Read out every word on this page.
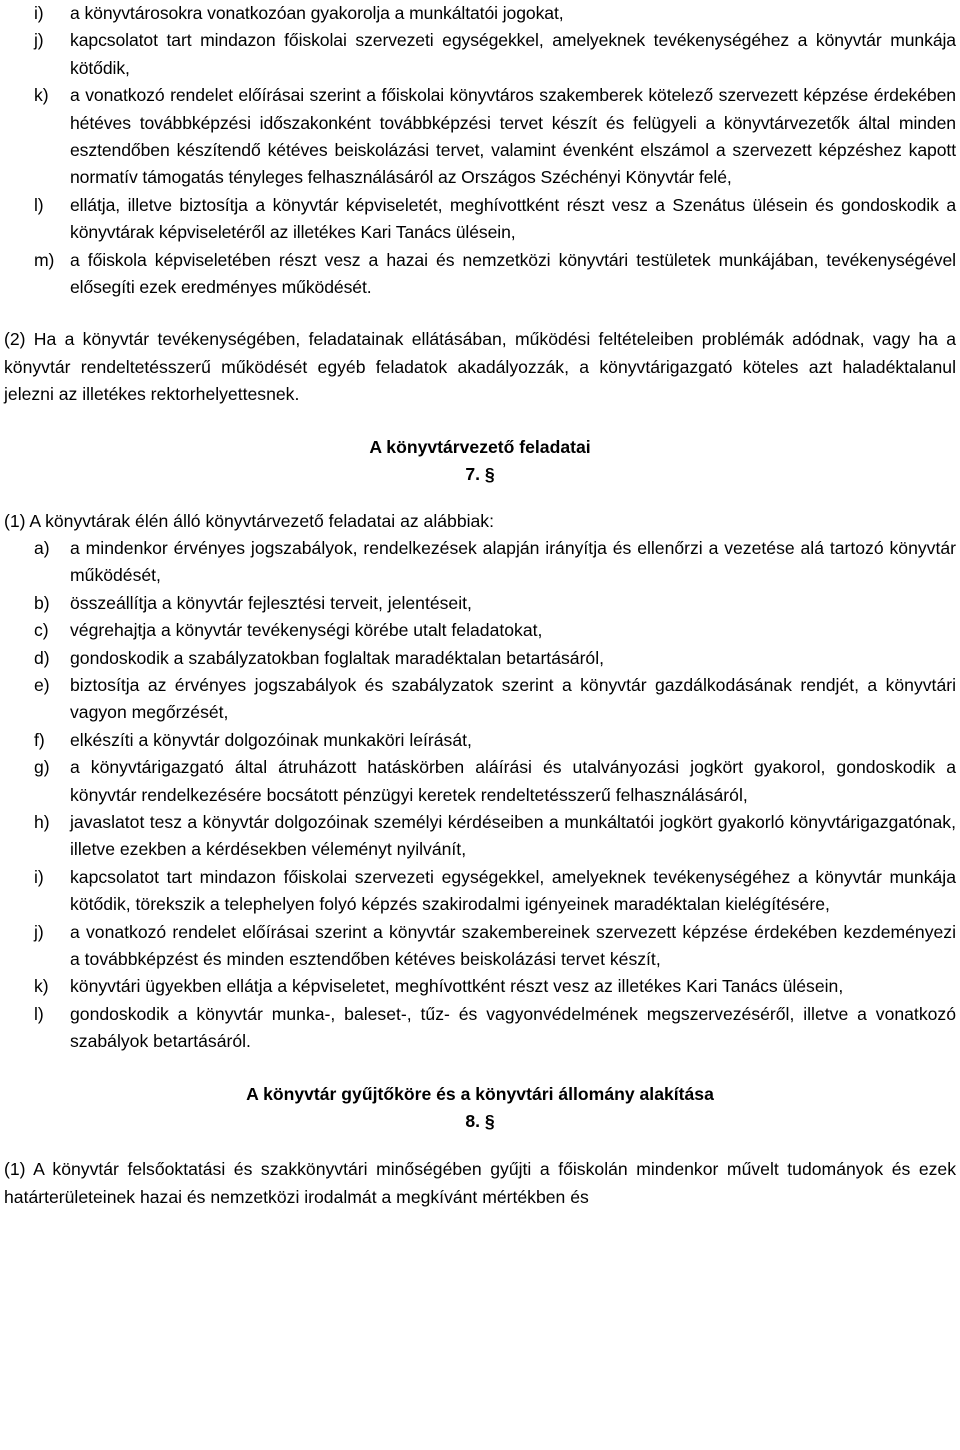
i)	a könyvtárosokra vonatkozóan gyakorolja a munkáltatói jogokat,
j)	kapcsolatot tart mindazon főiskolai szervezeti egységekkel, amelyeknek tevékenységéhez a könyvtár munkája kötődik,
k)	a vonatkozó rendelet előírásai szerint a főiskolai könyvtáros szakemberek kötelező szervezett képzése érdekében hétéves továbbképzési időszakonként továbbképzési tervet készít és felügyeli a könyvtárvezetők által minden esztendőben készítendő kétéves beiskolázási tervet, valamint évenként elszámol a szervezett képzéshez kapott normatív támogatás tényleges felhasználásáról az Országos Széchényi Könyvtár felé,
l)	ellátja, illetve biztosítja a könyvtár képviseletét, meghívottként részt vesz a Szenátus ülésein és gondoskodik a könyvtárak képviseletéről az illetékes Kari Tanács ülésein,
m) a főiskola képviseletében részt vesz a hazai és nemzetközi könyvtári testületek munkájában, tevékenységével elősegíti ezek eredményes működését.

(2) Ha a könyvtár tevékenységében, feladatainak ellátásában, működési feltételeiben problémák adódnak, vagy ha a könyvtár rendeltetésszerű működését egyéb feladatok akadályozzák, a könyvtárigazgató köteles azt haladéktalanul jelezni az illetékes rektorhelyettesnek.

A könyvtárvezető feladatai

7. §

(1) A könyvtárak élén álló könyvtárvezető feladatai az alábbiak:

a)	a mindenkor érvényes jogszabályok, rendelkezések alapján irányítja és ellenőrzi a vezetése alá tartozó könyvtár működését,
b)	összeállítja a könyvtár fejlesztési terveit, jelentéseit,
c)	végrehajtja a könyvtár tevékenységi körébe utalt feladatokat,
d)	gondoskodik a szabályzatokban foglaltak maradéktalan betartásáról,
e)	biztosítja az érvényes jogszabályok és szabályzatok szerint a könyvtár gazdálkodásának rendjét, a könyvtári vagyon megőrzését,
f)	elkészíti a könyvtár dolgozóinak munkaköri leírását,
g)	a könyvtárigazgató által átruházott hatáskörben aláírási és utalványozási jogkört gyakorol, gondoskodik a könyvtár rendelkezésére bocsátott pénzügyi keretek rendeltetésszerű felhasználásáról,
h)	javaslatot tesz a könyvtár dolgozóinak személyi kérdéseiben a munkáltatói jogkört gyakorló könyvtárigazgatónak, illetve ezekben a kérdésekben véleményt nyilvánít,
i)	kapcsolatot tart mindazon főiskolai szervezeti egységekkel, amelyeknek tevékenységéhez a könyvtár munkája kötődik, törekszik a telephelyen folyó képzés szakirodalmi igényeinek maradéktalan kielégítésére,
j)	a vonatkozó rendelet előírásai szerint a könyvtár szakembereinek szervezett képzése érdekében kezdeményezi a továbbképzést és minden esztendőben kétéves beiskolázási tervet készít,
k)	könyvtári ügyekben ellátja a képviseletet, meghívottként részt vesz az illetékes Kari Tanács ülésein,
l)	gondoskodik a könyvtár munka-, baleset-, tűz- és vagyonvédelmének megszervezéséről, illetve a vonatkozó szabályok betartásáról.

A könyvtár gyűjtőköre és a könyvtári állomány alakítása

8. §

(1) A könyvtár felsőoktatási és szakkönyvtári minőségében gyűjti a főiskolán mindenkor művelt tudományok és ezek határterületeinek hazai és nemzetközi irodalmát a megkívánt mértékben és
